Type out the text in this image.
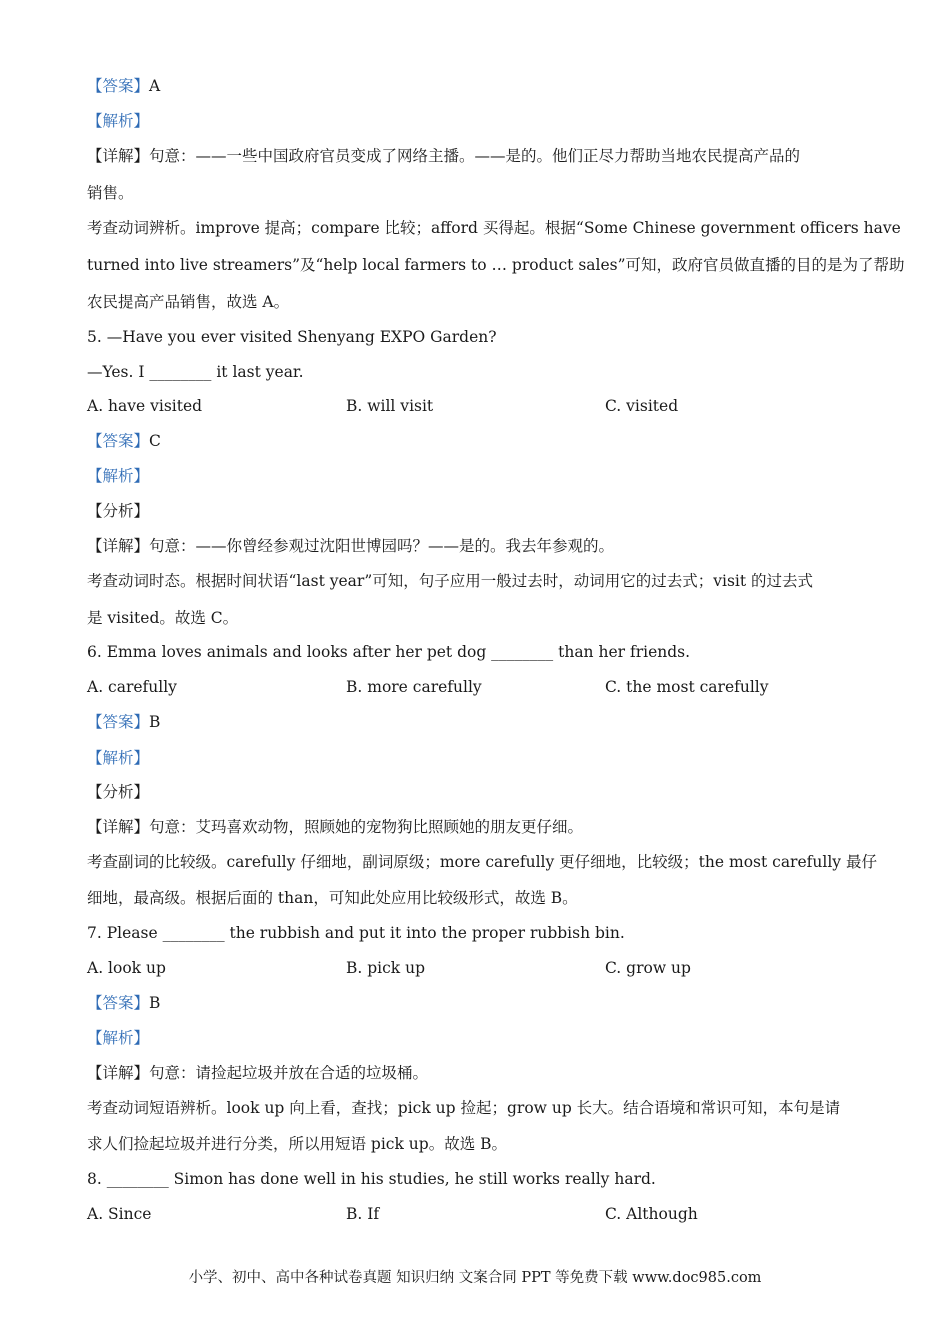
【答案】A
【解析】
【详解】句意：——一些中国政府官员变成了网络主播。——是的。他们正尽力帮助当地农民提高产品的
销售。
考查动词辨析。improve 提高；compare 比较；afford 买得起。根据“Some Chinese government officers have
turned into live streamers”及“help local farmers to … product sales”可知，政府官员做直播的目的是为了帮助
农民提高产品销售，故选 A。
5. —Have you ever visited Shenyang EXPO Garden?
—Yes. I ________ it last year.
A. have visited	B. will visit	C. visited
【答案】C
【解析】
【分析】
【详解】句意：——你曾经参观过沈阳世博园吗？——是的。我去年参观的。
考查动词时态。根据时间状语“last year”可知，句子应用一般过去时，动词用它的过去式；visit 的过去式
是 visited。故选 C。
6. Emma loves animals and looks after her pet dog ________ than her friends.
A. carefully	B. more carefully	C. the most carefully
【答案】B
【解析】
【分析】
【详解】句意：艾玛喜欢动物，照顾她的宠物狗比照顾她的朋友更仔细。
考查副词的比较级。carefully 仔细地，副词原级；more carefully 更仔细地，比较级；the most carefully 最仔
细地，最高级。根据后面的 than，可知此处应用比较级形式，故选 B。
7. Please ________ the rubbish and put it into the proper rubbish bin.
A. look up	B. pick up	C. grow up
【答案】B
【解析】
【详解】句意：请捡起垃圾并放在合适的垃圾桶。
考查动词短语辨析。look up 向上看，查找；pick up 捡起；grow up 长大。结合语境和常识可知，本句是请
求人们捡起垃圾并进行分类，所以用短语 pick up。故选 B。
8. ________ Simon has done well in his studies, he still works really hard.
A. Since	B. If	C. Although
小学、初中、高中各种试卷真题 知识归纳 文案合同 PPT 等免费下载 www.doc985.com
